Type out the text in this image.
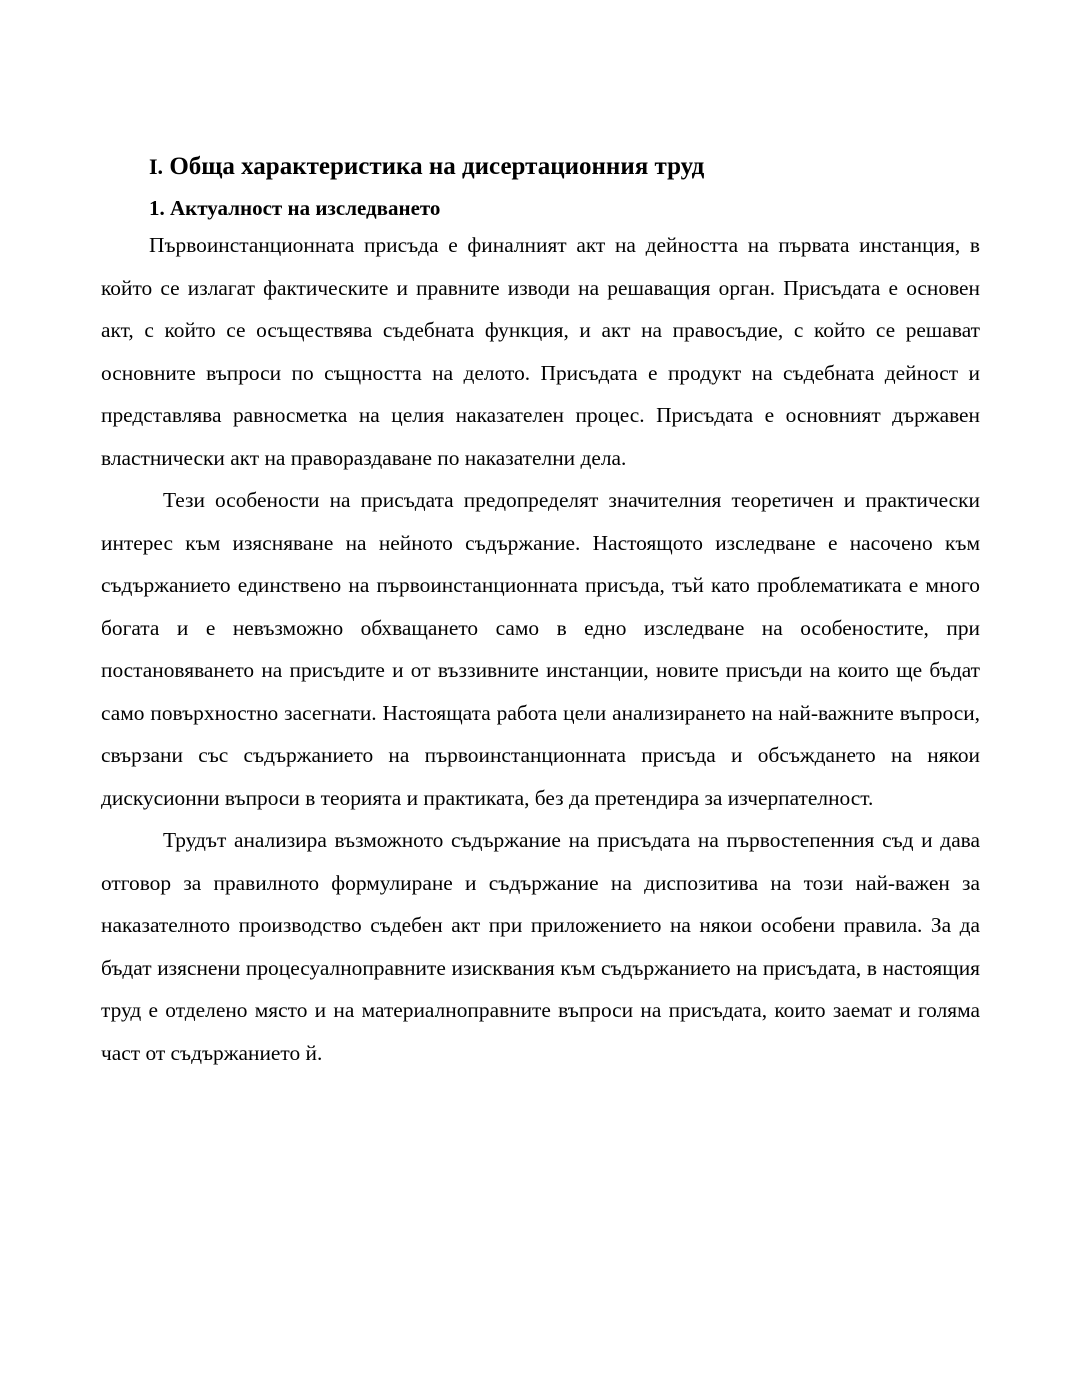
I. Обща характеристика на дисертационния труд
1. Актуалност на изследването

Първоинстанционната присъда е финалният акт на дейността на първата инстанция, в който се излагат фактическите и правните изводи на решаващия орган. Присъдата е основен акт, с който се осъществява съдебната функция, и акт на правосъдие, с който се решават основните въпроси по същността на делото. Присъдата е продукт на съдебната дейност и представлява равносметка на целия наказателен процес. Присъдата е основният държавен властнически акт на правораздаване по наказателни дела.

Тези особености на присъдата предопределят значителния теоретичен и практически интерес към изясняване на нейното съдържание. Настоящото изследване е насочено към съдържанието единствено на първоинстанционната присъда, тъй като проблематиката е много богата и е невъзможно обхващането само в едно изследване на особеностите, при постановяването на присъдите и от въззивните инстанции, новите присъди на които ще бъдат само повърхностно засегнати. Настоящата работа цели анализирането на най-важните въпроси, свързани със съдържанието на първоинстанционната присъда и обсъждането на някои дискусионни въпроси в теорията и практиката, без да претендира за изчерпателност.

Трудът анализира възможното съдържание на присъдата на първостепенния съд и дава отговор за правилното формулиране и съдържание на диспозитива на този най-важен за наказателното производство съдебен акт при приложението на някои особени правила. За да бъдат изяснени процесуалноправните изисквания към съдържанието на присъдата, в настоящия труд е отделено място и на материалноправните въпроси на присъдата, които заемат и голяма част от съдържанието й.
